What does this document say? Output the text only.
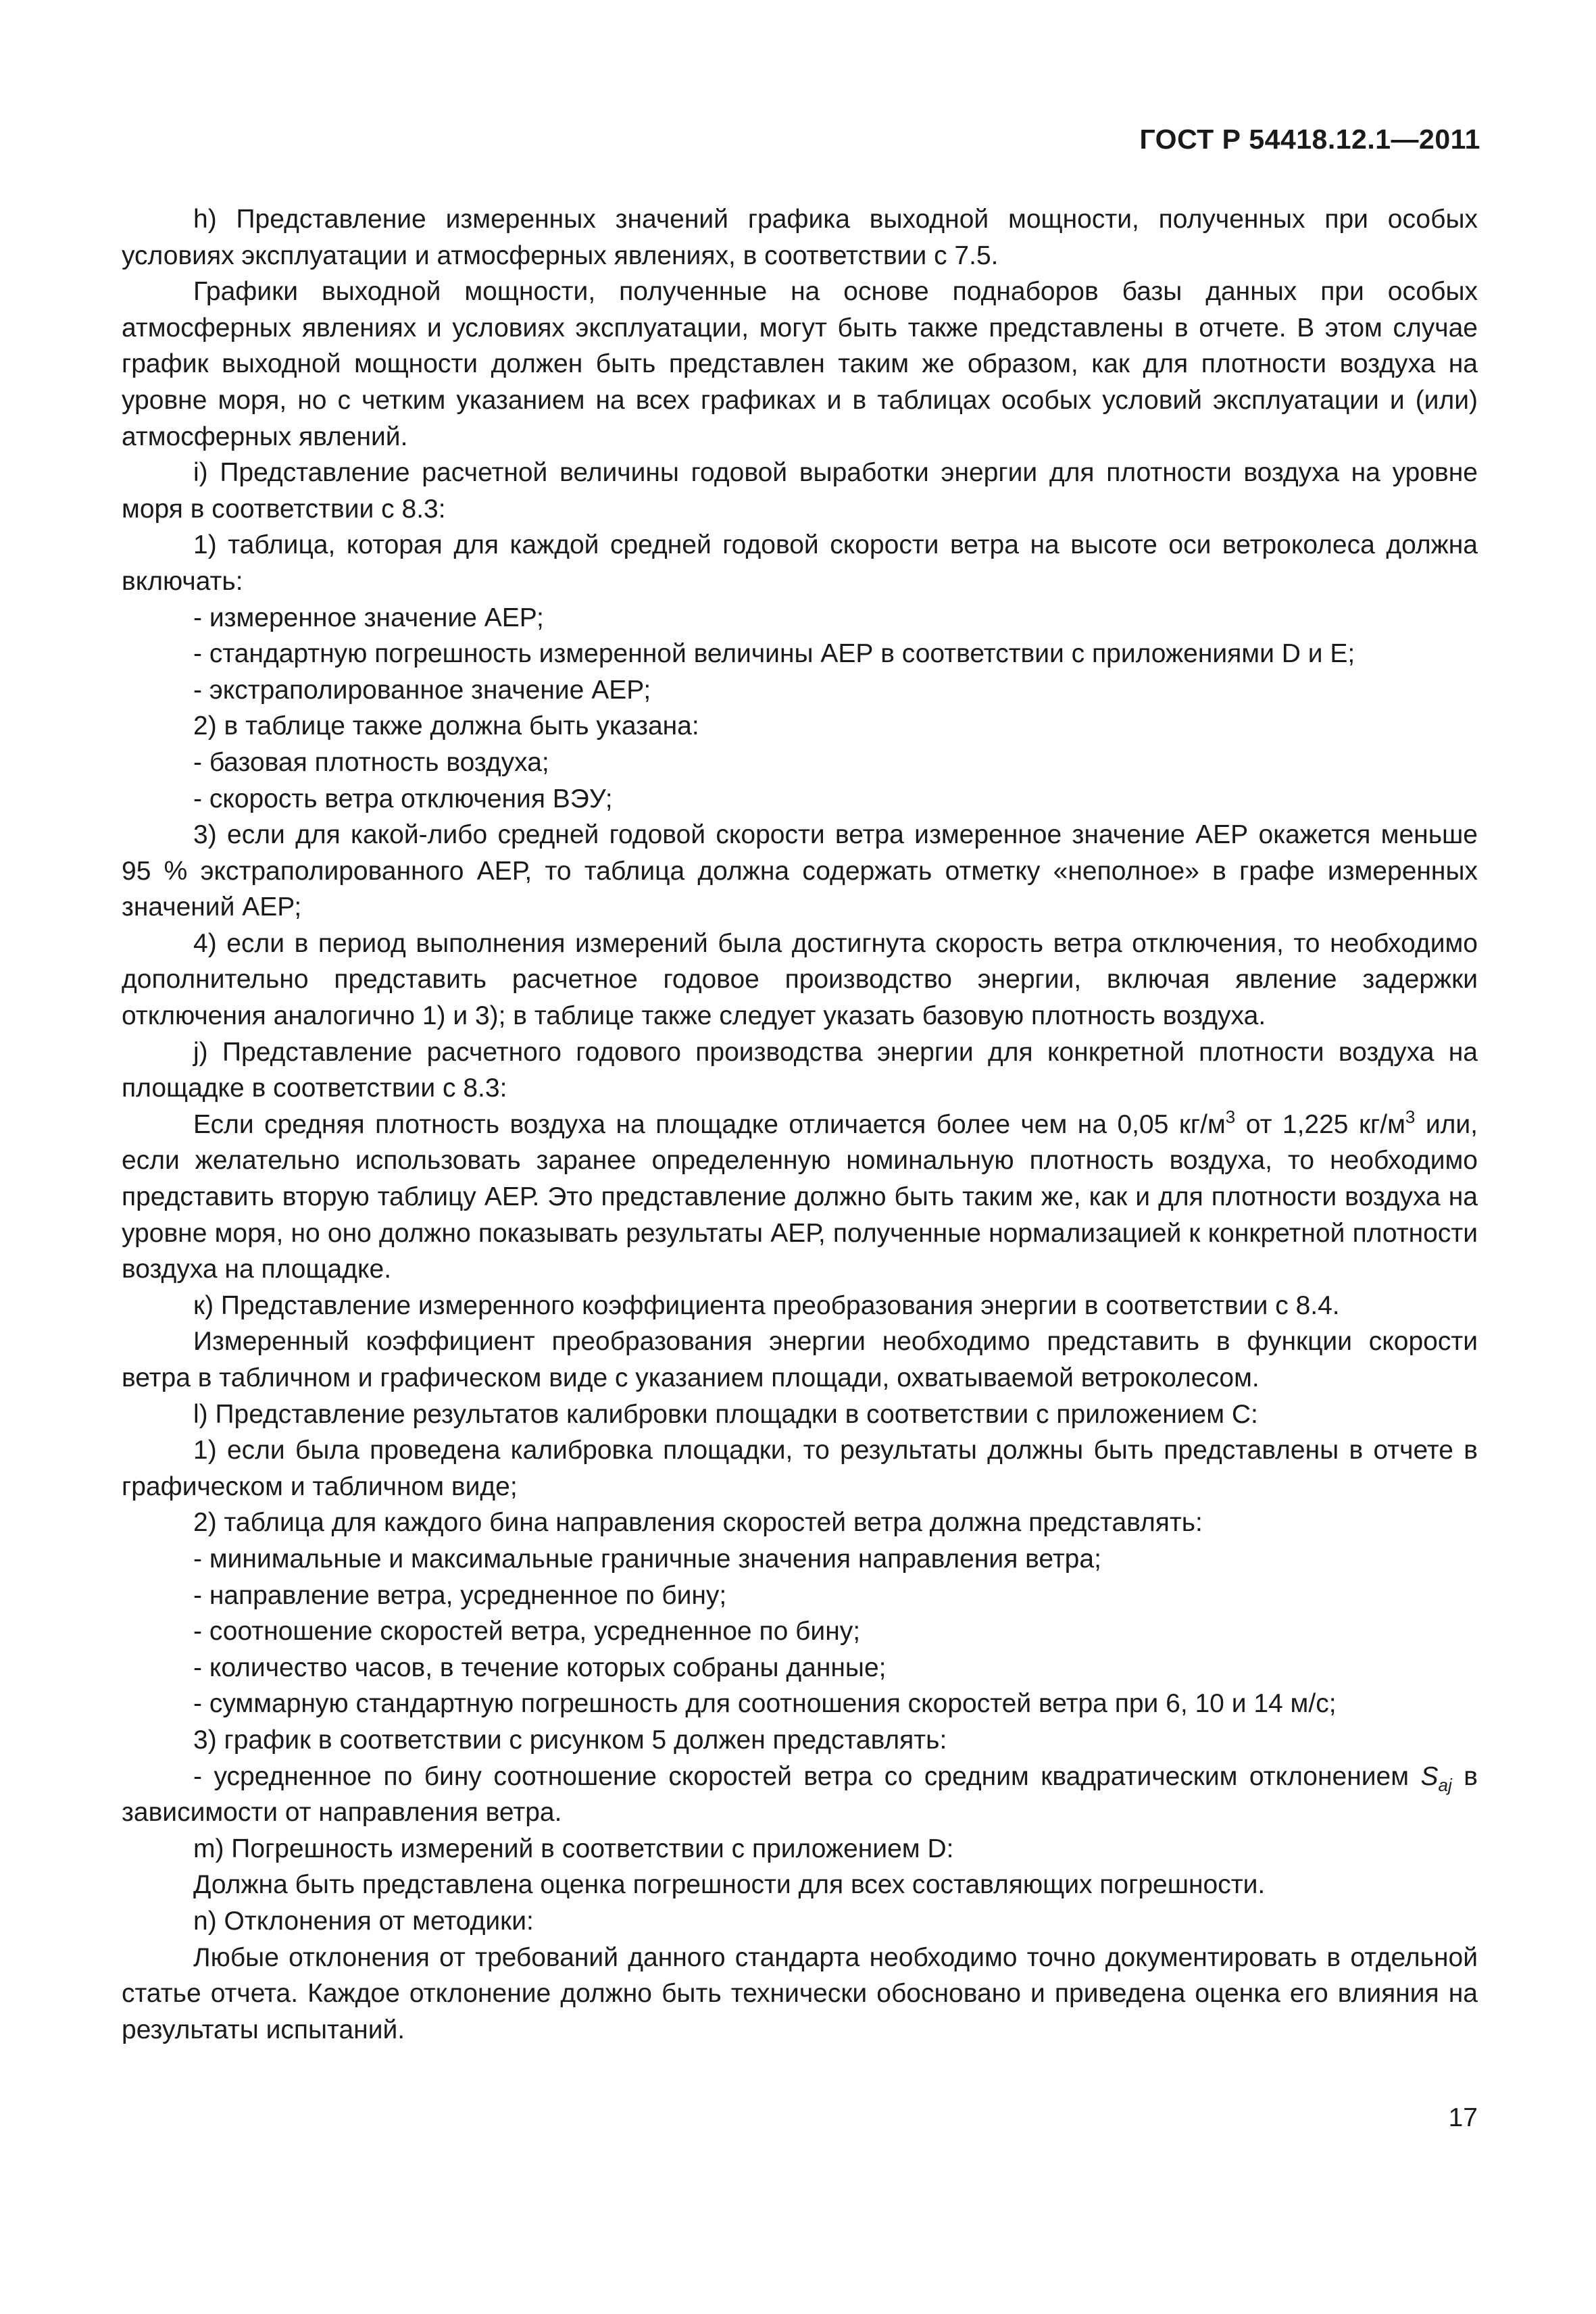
ГОСТ Р 54418.12.1—2011

h) Представление измеренных значений графика выходной мощности, полученных при особых условиях эксплуатации и атмосферных явлениях, в соответствии с 7.5.

Графики выходной мощности, полученные на основе поднаборов базы данных при особых атмосферных явлениях и условиях эксплуатации, могут быть также представлены в отчете. В этом случае график выходной мощности должен быть представлен таким же образом, как для плотности воздуха на уровне моря, но с четким указанием на всех графиках и в таблицах особых условий эксплуатации и (или) атмосферных явлений.

i) Представление расчетной величины годовой выработки энергии для плотности воздуха на уровне моря в соответствии с 8.3:

1) таблица, которая для каждой средней годовой скорости ветра на высоте оси ветроколеса должна включать:

- измеренное значение АЕР;

- стандартную погрешность измеренной величины АЕР в соответствии с приложениями D и E;

- экстраполированное значение АЕР;

2) в таблице также должна быть указана:

- базовая плотность воздуха;

- скорость ветра отключения ВЭУ;

3) если для какой-либо средней годовой скорости ветра измеренное значение АЕР окажется меньше 95 % экстраполированного АЕР, то таблица должна содержать отметку «неполное» в графе измеренных значений АЕР;

4) если в период выполнения измерений была достигнута скорость ветра отключения, то необходимо дополнительно представить расчетное годовое производство энергии, включая явление задержки отключения аналогично 1) и 3); в таблице также следует указать базовую плотность воздуха.

j) Представление расчетного годового производства энергии для конкретной плотности воздуха на площадке в соответствии с 8.3:

Если средняя плотность воздуха на площадке отличается более чем на 0,05 $кг/м^3$ от 1,225 $кг/м^3$ или, если желательно использовать заранее определенную номинальную плотность воздуха, то необходимо представить вторую таблицу АЕР. Это представление должно быть таким же, как и для плотности воздуха на уровне моря, но оно должно показывать результаты АЕР, полученные нормализацией к конкретной плотности воздуха на площадке.

к) Представление измеренного коэффициента преобразования энергии в соответствии с 8.4.

Измеренный коэффициент преобразования энергии необходимо представить в функции скорости ветра в табличном и графическом виде с указанием площади, охватываемой ветроколесом.

l) Представление результатов калибровки площадки в соответствии с приложением С:

1) если была проведена калибровка площадки, то результаты должны быть представлены в отчете в графическом и табличном виде;

2) таблица для каждого бина направления скоростей ветра должна представлять:

- минимальные и максимальные граничные значения направления ветра;

- направление ветра, усредненное по бину;

- соотношение скоростей ветра, усредненное по бину;

- количество часов, в течение которых собраны данные;

- суммарную стандартную погрешность для соотношения скоростей ветра при 6, 10 и 14 м/с;

3) график в соответствии с рисунком 5 должен представлять:

- усредненное по бину соотношение скоростей ветра со средним квадратическим отклонением $S_{aj}$ в зависимости от направления ветра.

m) Погрешность измерений в соответствии с приложением D:

Должна быть представлена оценка погрешности для всех составляющих погрешности.

n) Отклонения от методики:

Любые отклонения от требований данного стандарта необходимо точно документировать в отдельной статье отчета. Каждое отклонение должно быть технически обосновано и приведена оценка его влияния на результаты испытаний.

17
